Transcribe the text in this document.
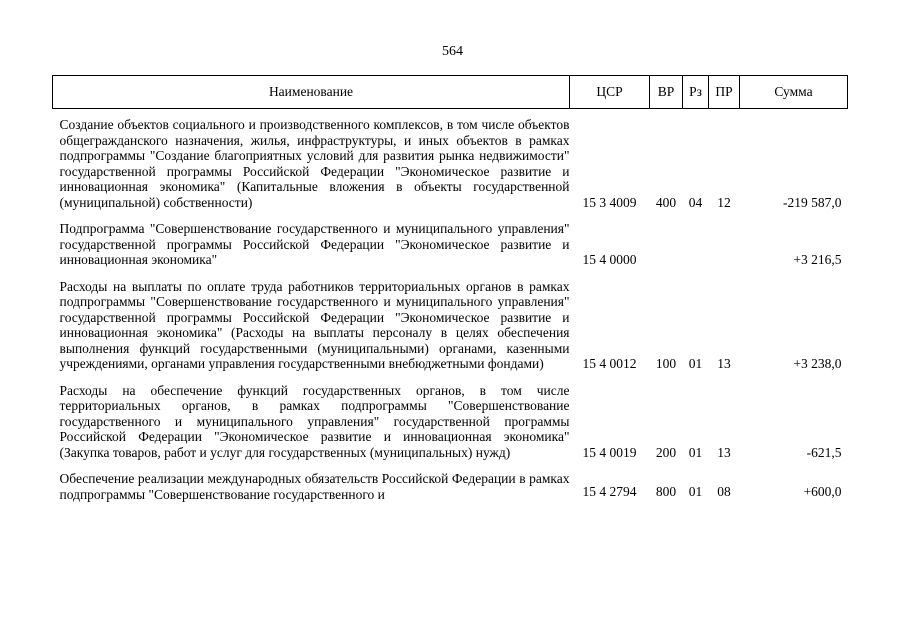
564
Наименование	ЦСР	ВР	Рз	ПР	Сумма
Создание объектов социального и производственного комплексов, в том числе объектов общегражданского назначения, жилья, инфраструктуры, и иных объектов в рамках подпрограммы "Создание благоприятных условий для развития рынка недвижимости" государственной программы Российской Федерации "Экономическое развитие и инновационная экономика" (Капитальные вложения в объекты государственной (муниципальной) собственности)	15 3 4009	400	04	12	-219 587,0
Подпрограмма "Совершенствование государственного и муниципального управления" государственной программы Российской Федерации "Экономическое развитие и инновационная экономика"	15 4 0000				+3 216,5
Расходы на выплаты по оплате труда работников территориальных органов в рамках подпрограммы "Совершенствование государственного и муниципального управления" государственной программы Российской Федерации "Экономическое развитие и инновационная экономика" (Расходы на выплаты персоналу в целях обеспечения выполнения функций государственными (муниципальными) органами, казенными учреждениями, органами управления государственными внебюджетными фондами)	15 4 0012	100	01	13	+3 238,0
Расходы на обеспечение функций государственных органов, в том числе территориальных органов, в рамках подпрограммы "Совершенствование государственного и муниципального управления" государственной программы Российской Федерации "Экономическое развитие и инновационная экономика" (Закупка товаров, работ и услуг для государственных (муниципальных) нужд)	15 4 0019	200	01	13	-621,5
Обеспечение реализации международных обязательств Российской Федерации в рамках подпрограммы "Совершенствование государственного и	15 4 2794	800	01	08	+600,0
